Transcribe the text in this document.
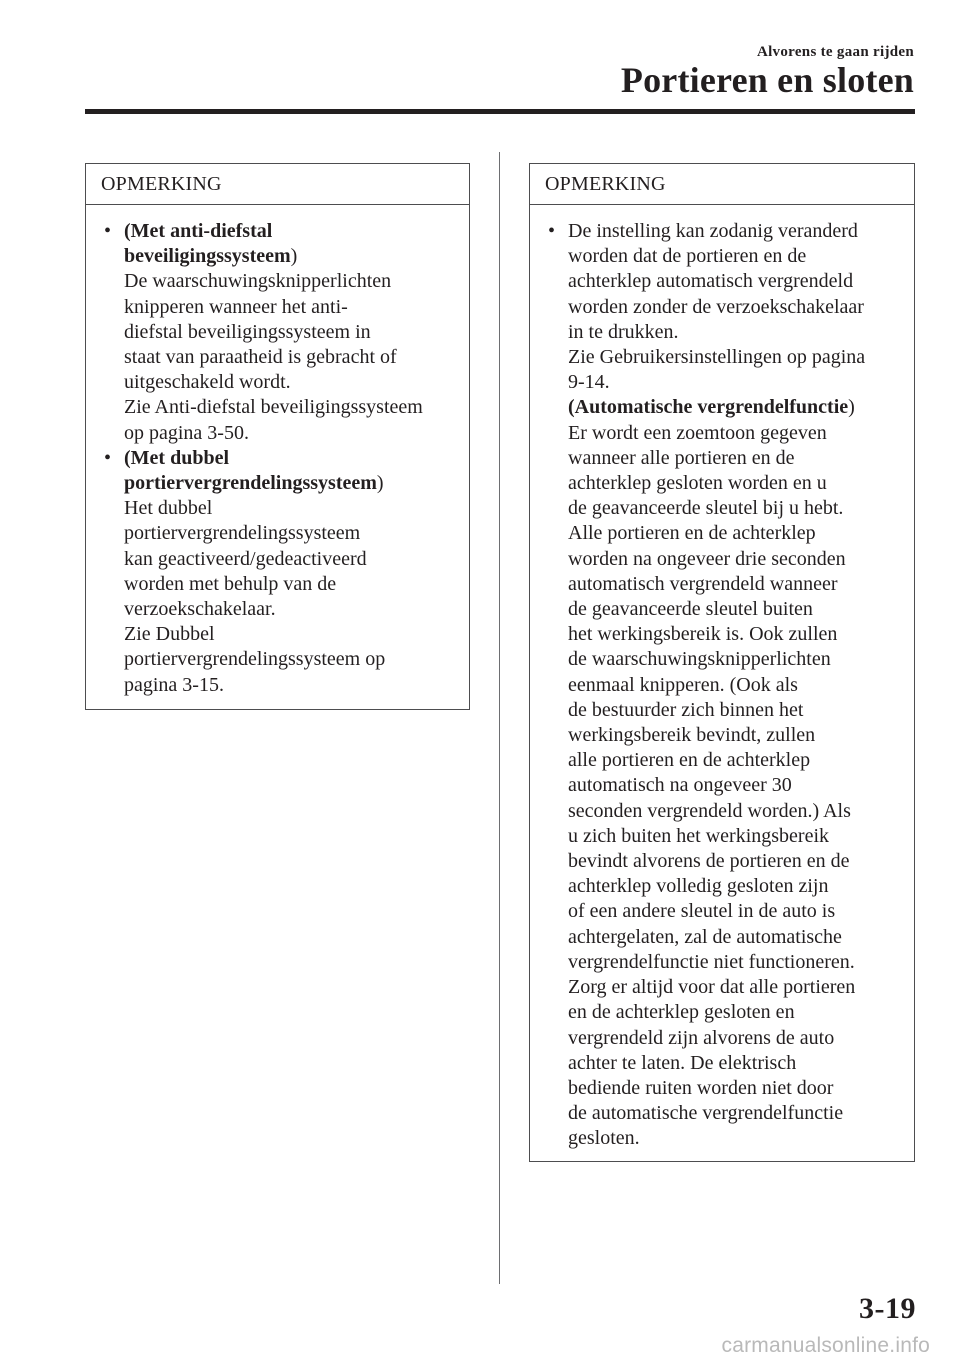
Alvorens te gaan rijden
Portieren en sloten
OPMERKING
• (Met anti-diefstal
beveiligingssysteem)
De waarschuwingsknipperlichten
knipperen wanneer het anti-
diefstal beveiligingssysteem in
staat van paraatheid is gebracht of
uitgeschakeld wordt.
Zie Anti-diefstal beveiligingssysteem
op pagina 3-50.
• (Met dubbel
portiervergrendelingssysteem)
Het dubbel
portiervergrendelingssysteem
kan geactiveerd/gedeactiveerd
worden met behulp van de
verzoekschakelaar.
Zie Dubbel
portiervergrendelingssysteem op
pagina 3-15.
OPMERKING
• De instelling kan zodanig veranderd
worden dat de portieren en de
achterklep automatisch vergrendeld
worden zonder de verzoekschakelaar
in te drukken.
Zie Gebruikersinstellingen op pagina
9-14.
(Automatische vergrendelfunctie)
Er wordt een zoemtoon gegeven
wanneer alle portieren en de
achterklep gesloten worden en u
de geavanceerde sleutel bij u hebt.
Alle portieren en de achterklep
worden na ongeveer drie seconden
automatisch vergrendeld wanneer
de geavanceerde sleutel buiten
het werkingsbereik is. Ook zullen
de waarschuwingsknipperlichten
eenmaal knipperen. (Ook als
de bestuurder zich binnen het
werkingsbereik bevindt, zullen
alle portieren en de achterklep
automatisch na ongeveer 30
seconden vergrendeld worden.) Als
u zich buiten het werkingsbereik
bevindt alvorens de portieren en de
achterklep volledig gesloten zijn
of een andere sleutel in de auto is
achtergelaten, zal de automatische
vergrendelfunctie niet functioneren.
Zorg er altijd voor dat alle portieren
en de achterklep gesloten en
vergrendeld zijn alvorens de auto
achter te laten. De elektrisch
bediende ruiten worden niet door
de automatische vergrendelfunctie
gesloten.
3-19
carmanualsonline.info
